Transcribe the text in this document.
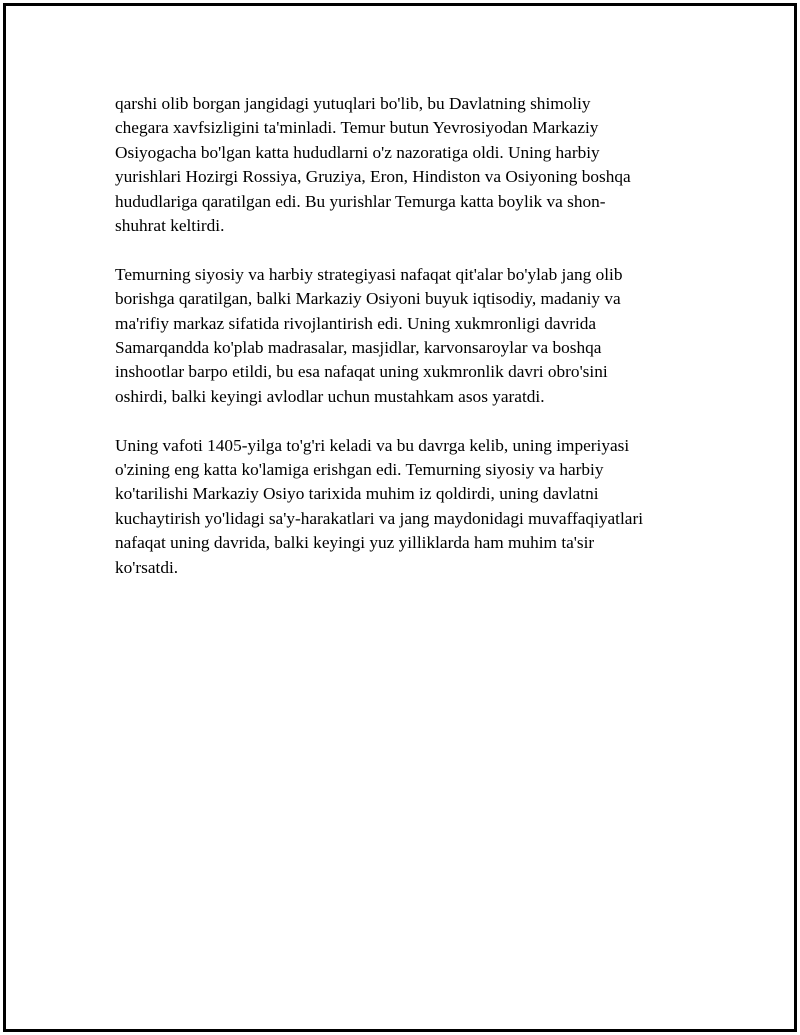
qarshi olib borgan jangidagi yutuqlari bo'lib, bu Davlatning shimoliy
chegara xavfsizligini ta'minladi. Temur butun Yevrosiyodan Markaziy
Osiyogacha bo'lgan katta hududlarni o'z nazoratiga oldi. Uning harbiy
yurishlari Hozirgi Rossiya, Gruziya, Eron, Hindiston va Osiyoning boshqa
hududlariga qaratilgan edi. Bu yurishlar Temurga katta boylik va shon-
shuhrat keltirdi.

Temurning siyosiy va harbiy strategiyasi nafaqat qit'alar bo'ylab jang olib
borishga qaratilgan, balki Markaziy Osiyoni buyuk iqtisodiy, madaniy va
ma'rifiy markaz sifatida rivojlantirish edi. Uning xukmronligi davrida
Samarqandda ko'plab madrasalar, masjidlar, karvonsaroylar va boshqa
inshootlar barpo etildi, bu esa nafaqat uning xukmronlik davri obro'sini
oshirdi, balki keyingi avlodlar uchun mustahkam asos yaratdi.

Uning vafoti 1405-yilga to'g'ri keladi va bu davrga kelib, uning imperiyasi
o'zining eng katta ko'lamiga erishgan edi. Temurning siyosiy va harbiy
ko'tarilishi Markaziy Osiyo tarixida muhim iz qoldirdi, uning davlatni
kuchaytirish yo'lidagi sa'y-harakatlari va jang maydonidagi muvaffaqiyatlari
nafaqat uning davrida, balki keyingi yuz yilliklarda ham muhim ta'sir
ko'rsatdi.
